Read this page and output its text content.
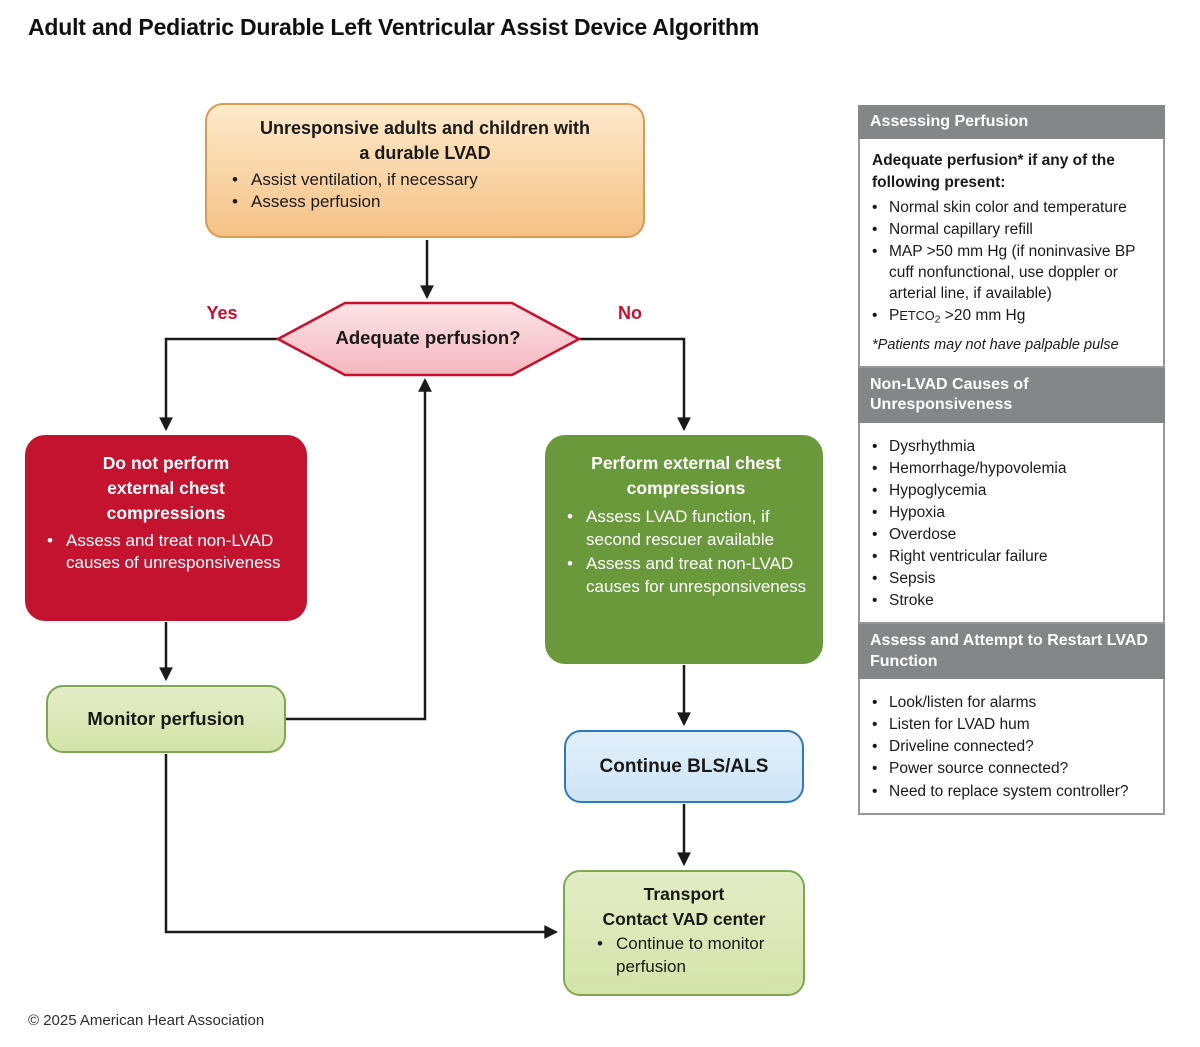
Adult and Pediatric Durable Left Ventricular Assist Device Algorithm
Unresponsive adults and children with a durable LVAD
• Assist ventilation, if necessary
• Assess perfusion
Adequate perfusion?
Yes	No
Do not perform external chest compressions
• Assess and treat non-LVAD causes of unresponsiveness
Perform external chest compressions
• Assess LVAD function, if second rescuer available
• Assess and treat non-LVAD causes for unresponsiveness
Monitor perfusion
Continue BLS/ALS
Transport
Contact VAD center
• Continue to monitor perfusion
Assessing Perfusion
Adequate perfusion* if any of the following present:
• Normal skin color and temperature
• Normal capillary refill
• MAP >50 mm Hg (if noninvasive BP cuff nonfunctional, use doppler or arterial line, if available)
• $PETCO_2 >20$ mm Hg
*Patients may not have palpable pulse
Non-LVAD Causes of Unresponsiveness
• Dysrhythmia
• Hemorrhage/hypovolemia
• Hypoglycemia
• Hypoxia
• Overdose
• Right ventricular failure
• Sepsis
• Stroke
Assess and Attempt to Restart LVAD Function
• Look/listen for alarms
• Listen for LVAD hum
• Driveline connected?
• Power source connected?
• Need to replace system controller?
© 2025 American Heart Association
